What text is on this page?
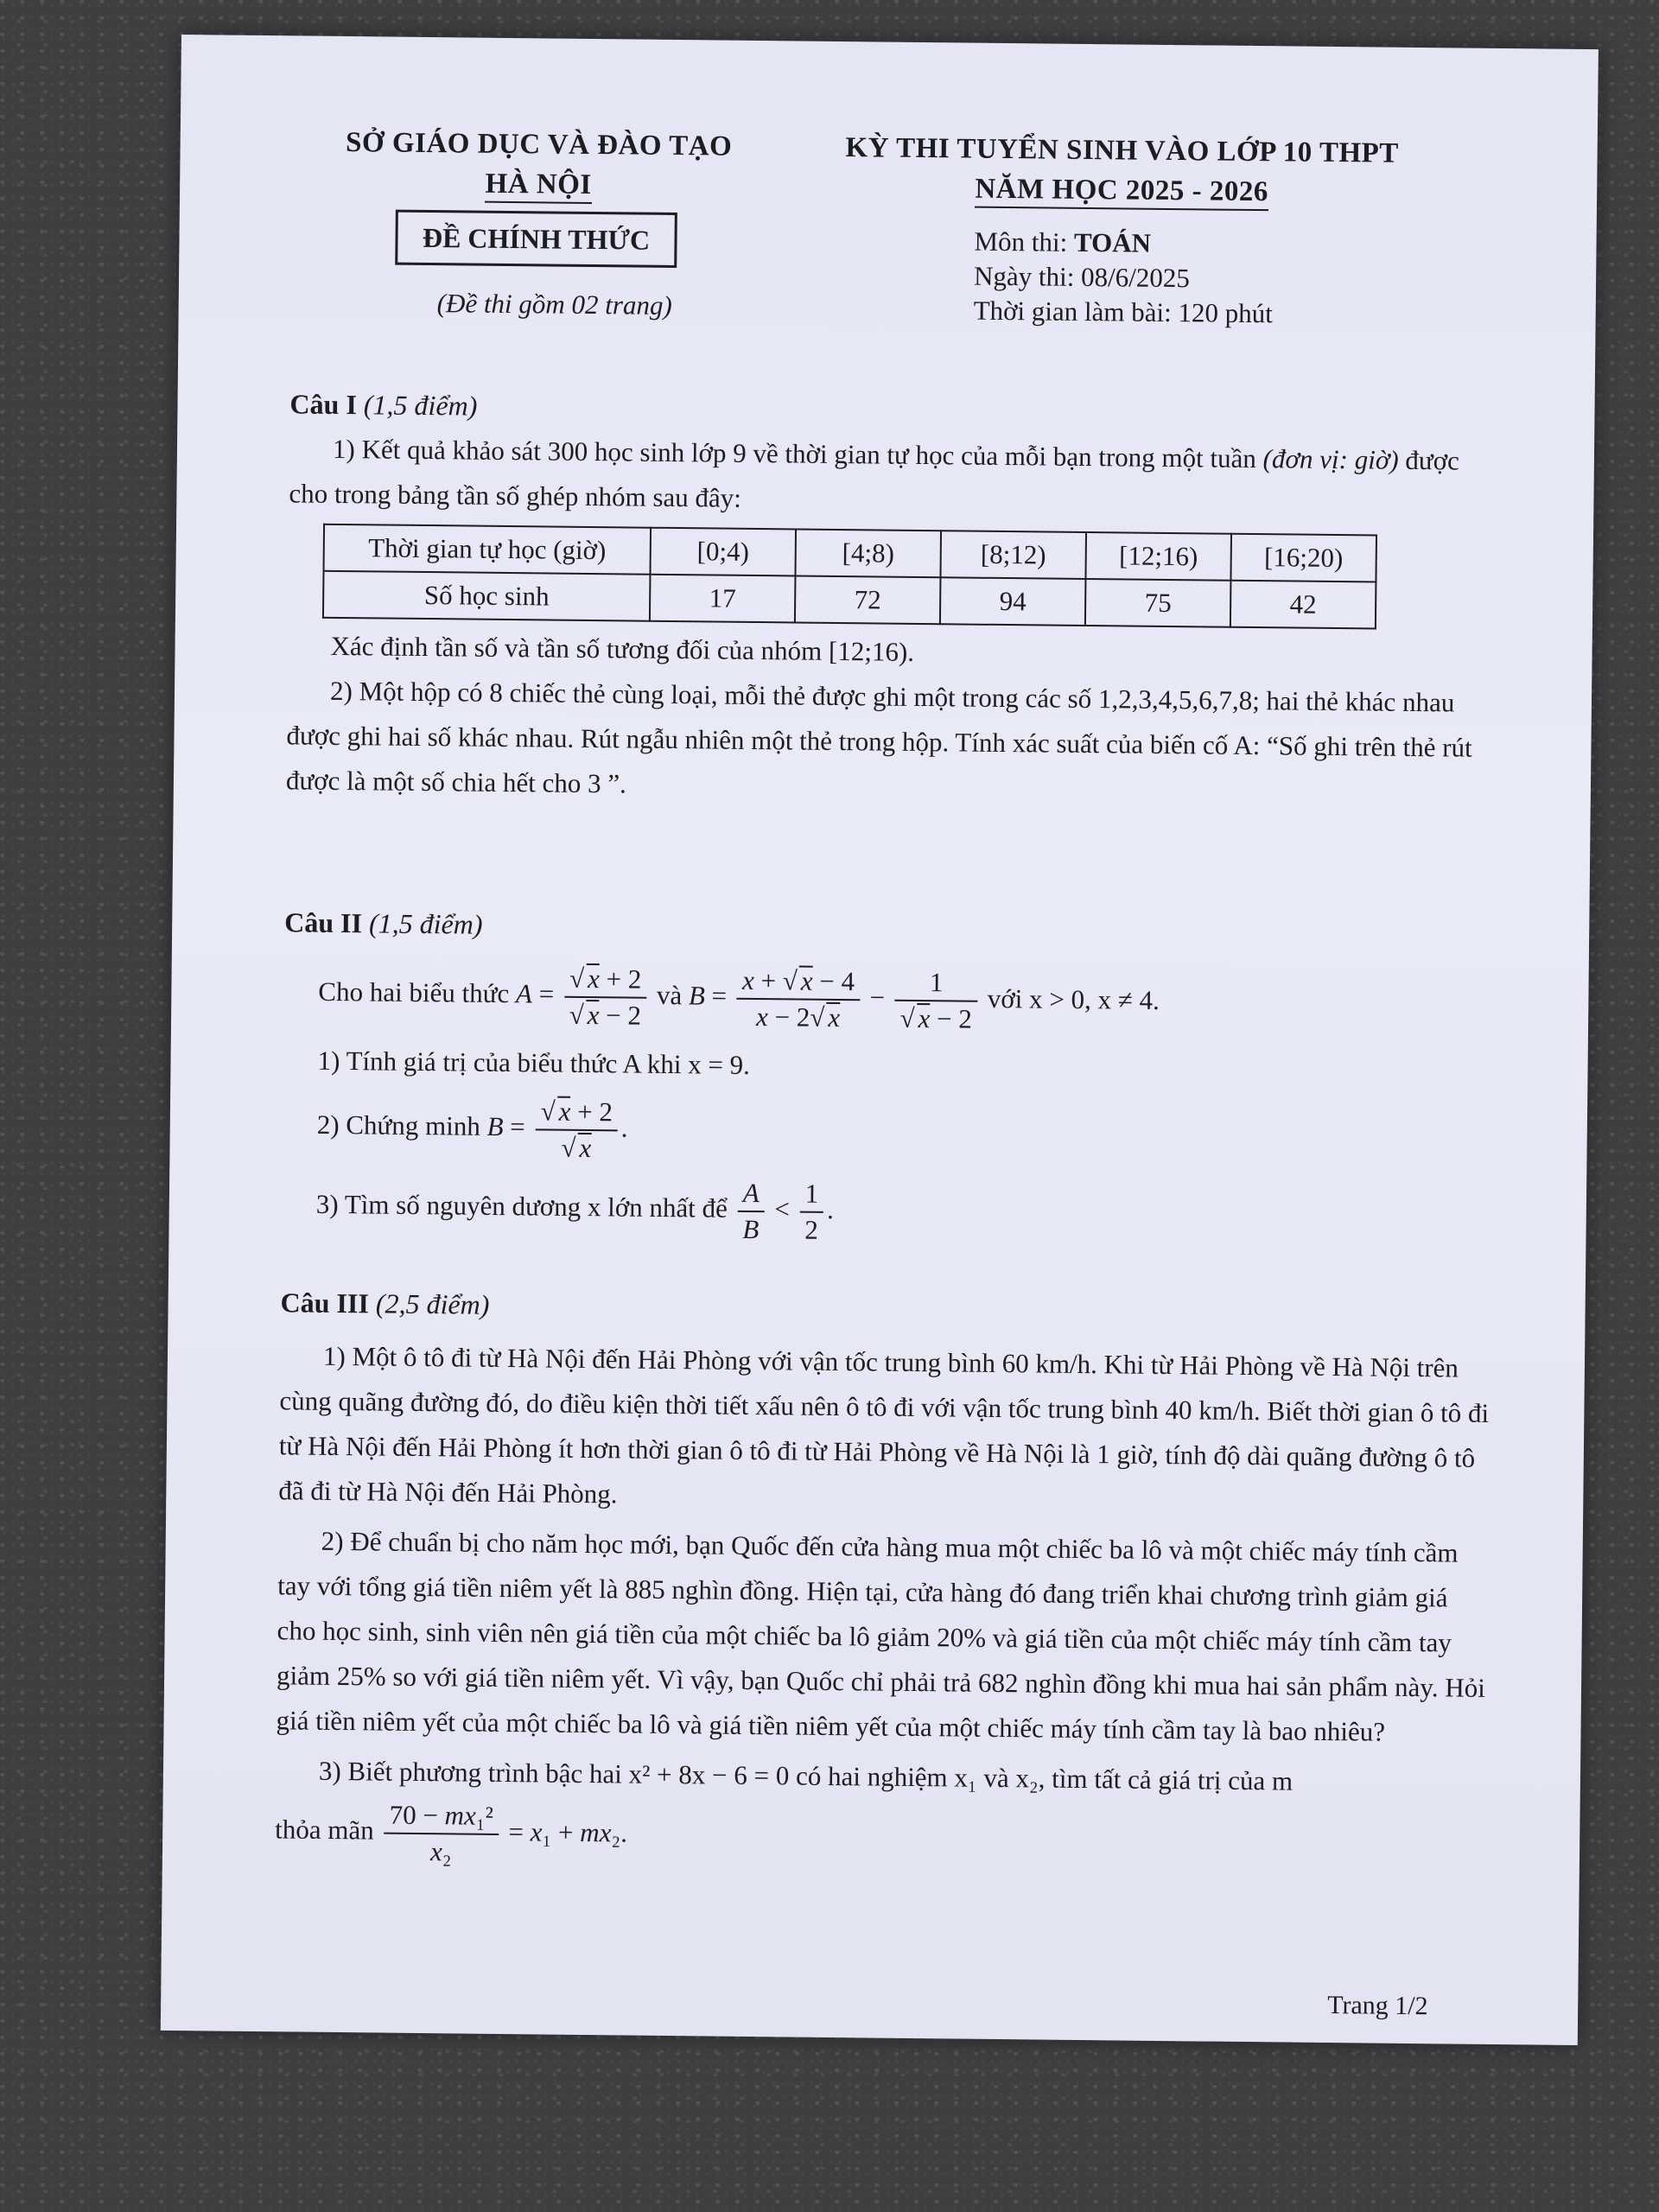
SỞ GIÁO DỤC VÀ ĐÀO TẠO
HÀ NỘI
KỲ THI TUYỂN SINH VÀO LỚP 10 THPT
NĂM HỌC 2025 - 2026
ĐỀ CHÍNH THỨC
(Đề thi gồm 02 trang)
Môn thi: TOÁN
Ngày thi: 08/6/2025
Thời gian làm bài: 120 phút
Câu I (1,5 điểm)
1) Kết quả khảo sát 300 học sinh lớp 9 về thời gian tự học của mỗi bạn trong một tuần (đơn vị: giờ) được cho trong bảng tần số ghép nhóm sau đây:
Thời gian tự học (giờ)	[0;4)	[4;8)	[8;12)	[12;16)	[16;20)
Số học sinh	17	72	94	75	42
Xác định tần số và tần số tương đối của nhóm [12;16).
2) Một hộp có 8 chiếc thẻ cùng loại, mỗi thẻ được ghi một trong các số 1,2,3,4,5,6,7,8; hai thẻ khác nhau được ghi hai số khác nhau. Rút ngẫu nhiên một thẻ trong hộp. Tính xác suất của biến cố A: “Số ghi trên thẻ rút được là một số chia hết cho 3 ”.
Câu II (1,5 điểm)
Cho hai biểu thức $A = \frac{√ x + 2}{√ x - 2}$ và $B = \frac{x + √ x - 4}{x - 2√ x} - \frac{1}{√ x - 2}$ với x > 0, x ≠ 4.
1) Tính giá trị của biểu thức A khi x = 9.
2) Chứng minh $B = \frac{√ x + 2}{√ x}$ .
3) Tìm số nguyên dương x lớn nhất để $\frac{A}{B} < \frac{1}{2}$ .
Câu III (2,5 điểm)
1) Một ô tô đi từ Hà Nội đến Hải Phòng với vận tốc trung bình 60 km/h. Khi từ Hải Phòng về Hà Nội trên cùng quãng đường đó, do điều kiện thời tiết xấu nên ô tô đi với vận tốc trung bình 40 km/h. Biết thời gian ô tô đi từ Hà Nội đến Hải Phòng ít hơn thời gian ô tô đi từ Hải Phòng về Hà Nội là 1 giờ, tính độ dài quãng đường ô tô đã đi từ Hà Nội đến Hải Phòng.
2) Để chuẩn bị cho năm học mới, bạn Quốc đến cửa hàng mua một chiếc ba lô và một chiếc máy tính cầm tay với tổng giá tiền niêm yết là 885 nghìn đồng. Hiện tại, cửa hàng đó đang triển khai chương trình giảm giá cho học sinh, sinh viên nên giá tiền của một chiếc ba lô giảm 20% và giá tiền của một chiếc máy tính cầm tay giảm 25% so với giá tiền niêm yết. Vì vậy, bạn Quốc chỉ phải trả 682 nghìn đồng khi mua hai sản phẩm này. Hỏi giá tiền niêm yết của một chiếc ba lô và giá tiền niêm yết của một chiếc máy tính cầm tay là bao nhiêu?
3) Biết phương trình bậc hai x² + 8x − 6 = 0 có hai nghiệm x₁ và x₂, tìm tất cả giá trị của m
thỏa mãn $\frac{\text{70 − mx₁²}}{\text{x₂}} = x_1 + mx_2$.
Trang 1/2
